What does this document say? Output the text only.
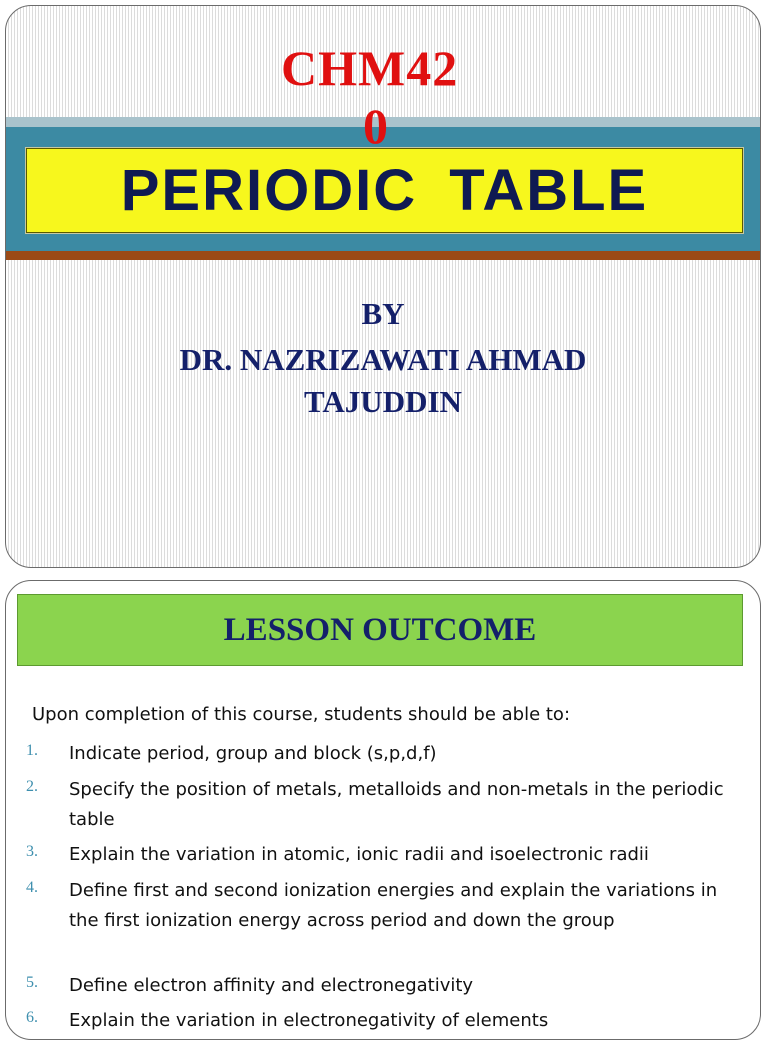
CHM42
0
PERIODIC TABLE
BY
DR. NAZRIZAWATI AHMAD
TAJUDDIN
LESSON OUTCOME
Upon completion of this course, students should be able to:
1. Indicate period, group and block (s,p,d,f)
2. Specify the position of metals, metalloids and non-metals in the periodic table
3. Explain the variation in atomic, ionic radii and isoelectronic radii
4. Define first and second ionization energies and explain the variations in the first ionization energy across period and down the group
5. Define electron affinity and electronegativity
6. Explain the variation in electronegativity of elements
